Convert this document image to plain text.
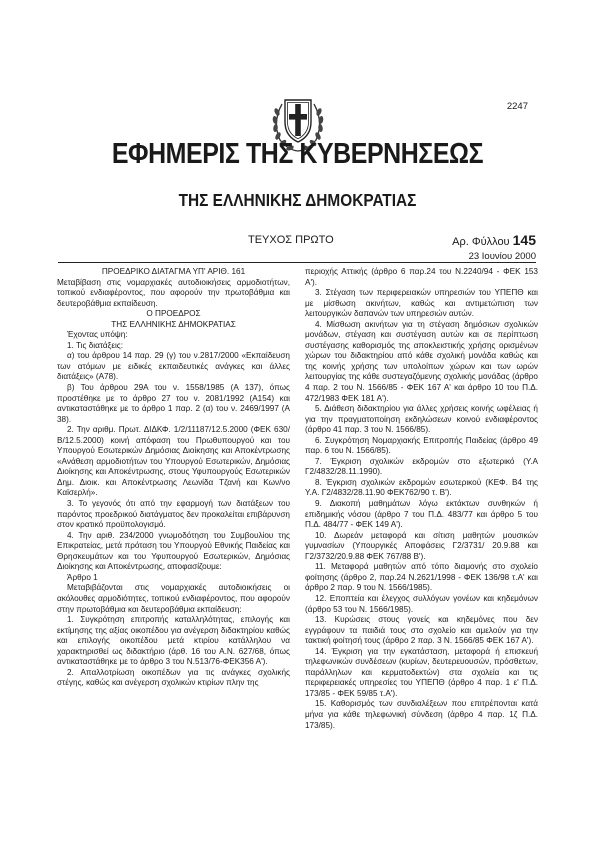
2247
ΕΦΗΜΕΡΙΣ ΤΗΣ ΚΥΒΕΡΝΗΣΕΩΣ
ΤΗΣ ΕΛΛΗΝΙΚΗΣ ΔΗΜΟΚΡΑΤΙΑΣ
ΤΕΥΧΟΣ ΠΡΩΤΟ	Αρ. Φύλλου 145
23 Ιουνίου 2000

ΠΡΟΕΔΡΙΚΟ ΔΙΑΤΑΓΜΑ ΥΠ' ΑΡΙΘ. 161

Μεταβίβαση στις νομαρχιακές αυτοδιοικήσεις αρμοδιοτήτων, τοπικού ενδιαφέροντος, που αφορούν την πρωτοβάθμια και δευτεροβάθμια εκπαίδευση.

Ο ΠΡΟΕΔΡΟΣ

ΤΗΣ ΕΛΛΗΝΙΚΗΣ ΔΗΜΟΚΡΑΤΙΑΣ

Έχοντας υπόψη:

1. Τις διατάξεις:

α) του άρθρου 14 παρ. 29 (γ) του ν.2817/2000 «Εκπαίδευση των ατόμων με ειδικές εκπαιδευτικές ανάγκες και άλλες διατάξεις» (Α78).

β) Του άρθρου 29Α του ν. 1558/1985 (Α 137), όπως προστέθηκε με το άρθρο 27 του ν. 2081/1992 (Α154) και αντικαταστάθηκε με το άρθρο 1 παρ. 2 (α) του ν. 2469/1997 (Α 38).

2. Την αριθμ. Πρωτ. ΔΙΔΚΦ. 1/2/11187/12.5.2000 (ΦΕΚ 630/Β/12.5.2000) κοινή απόφαση του Πρωθυπουργού και του Υπουργού Εσωτερικών Δημόσιας Διοίκησης και Αποκέντρωσης «Ανάθεση αρμοδιοτήτων του Υπουργού Εσωτερικών, Δημόσιας Διοίκησης και Αποκέντρωσης, στους Υφυπουργούς Εσωτερικών Δημ. Διοικ. και Αποκέντρωσης Λεωνίδα Τζανή και Κων/νο Καϊσερλή».

3. Το γεγονός ότι από την εφαρμογή των διατάξεων του παρόντος προεδρικού διατάγματος δεν προκαλείται επιβάρυνση στον κρατικό προϋπολογισμό.

4. Την αριθ. 234/2000 γνωμοδότηση του Συμβουλίου της Επικρατείας, μετά πρόταση του Υπουργού Εθνικής Παιδείας και Θρησκευμάτων και του Υφυπουργού Εσωτερικών, Δημόσιας Διοίκησης και Αποκέντρωσης, αποφασίζουμε:

Άρθρο 1

Μεταβιβάζονται στις νομαρχιακές αυτοδιοικήσεις οι ακόλουθες αρμοδιότητες, τοπικού ενδιαφέροντος, που αφορούν στην πρωτοβάθμια και δευτεροβάθμια εκπαίδευση:

1. Συγκρότηση επιτροπής καταλληλότητας, επιλογής και εκτίμησης της αξίας οικοπέδου για ανέγερση διδακτηρίου καθώς και επιλογής οικοπέδου μετά κτιρίου κατάλληλου να χαρακτηρισθεί ως διδακτήριο (άρθ. 16 του Α.Ν. 627/68, όπως αντικαταστάθηκε με το άρθρο 3 του Ν.513/76-ΦΕΚ356 Α').

2. Απαλλοτρίωση οικοπέδων για τις ανάγκες σχολικής στέγης, καθώς και ανέγερση σχολικών κτιρίων πλην της

περιοχής Αττικής (άρθρο 6 παρ.24 του Ν.2240/94 - ΦΕΚ 153 Α').

3. Στέγαση των περιφερειακών υπηρεσιών του ΥΠΕΠΘ και με μίσθωση ακινήτων, καθώς και αντιμετώπιση των λειτουργικών δαπανών των υπηρεσιών αυτών.

4. Μίσθωση ακινήτων για τη στέγαση δημόσιων σχολικών μονάδων, στέγαση και συστέγαση αυτών και σε περίπτωση συστέγασης καθορισμός της αποκλειστικής χρήσης ορισμένων χώρων του διδακτηρίου από κάθε σχολική μονάδα καθώς και της κοινής χρήσης των υπολοίπων χώρων και των ωρών λειτουργίας της κάθε συστεγαζόμενης σχολικής μονάδας (άρθρο 4 παρ. 2 του Ν. 1566/85 - ΦΕΚ 167 Α' και άρθρο 10 του Π.Δ. 472/1983 ΦΕΚ 181 Α').

5. Διάθεση διδακτηρίου για άλλες χρήσεις κοινής ωφέλειας ή για την πραγματοποίηση εκδηλώσεων κοινού ενδιαφέροντος (άρθρο 41 παρ. 3 του Ν. 1566/85).

6. Συγκρότηση Νομαρχιακής Επιτροπής Παιδείας (άρθρο 49 παρ. 6 του Ν. 1566/85).

7. Έγκριση σχολικών εκδρομών στο εξωτερικό (Υ.Α Γ2/4832/28.11.1990).

8. Έγκριση σχολικών εκδρομών εσωτερικού (ΚΕΦ. Β4 της Υ.Α. Γ2/4832/28.11.90 ΦΕΚ762/90 τ. Β').

9. Διακοπή μαθημάτων λόγω εκτάκτων συνθηκών ή επιδημικής νόσου (άρθρο 7 του Π.Δ. 483/77 και άρθρο 5 του Π.Δ. 484/77 - ΦΕΚ 149 Α').

10. Δωρεάν μεταφορά και σίτιση μαθητών μουσικών γυμνασίων (Υπουργικές Αποφάσεις Γ2/3731/ 20.9.88 και Γ2/3732/20.9.88 ΦΕΚ 767/88 Β').

11. Μεταφορά μαθητών από τόπο διαμονής στο σχολείο φοίτησης (άρθρο 2, παρ.24 Ν.2621/1998 - ΦΕΚ 136/98 τ.Α' και άρθρο 2 παρ. 9 του Ν. 1566/1985).

12. Εποπτεία και έλεγχος συλλόγων γονέων και κηδεμόνων (άρθρο 53 του Ν. 1566/1985).

13. Κυρώσεις στους γονείς και κηδεμόνες που δεν εγγράφουν τα παιδιά τους στο σχολείο και αμελούν για την τακτική φοίτησή τους (άρθρο 2 παρ. 3 Ν. 1566/85 ΦΕΚ 167 Α').

14. Έγκριση για την εγκατάσταση, μεταφορά ή επισκευή τηλεφωνικών συνδέσεων (κυρίων, δευτερευουσών, πρόσθετων, παράλληλων και κερματοδεκτών) στα σχολεία και τις περιφερειακές υπηρεσίες του ΥΠΕΠΘ (άρθρο 4 παρ. 1 ε' Π.Δ. 173/85 - ΦΕΚ 59/85 τ.Α').

15. Καθορισμός των συνδιαλέξεων που επιτρέπονται κατά μήνα για κάθε τηλεφωνική σύνδεση (άρθρο 4 παρ. 1ζ Π.Δ. 173/85).
